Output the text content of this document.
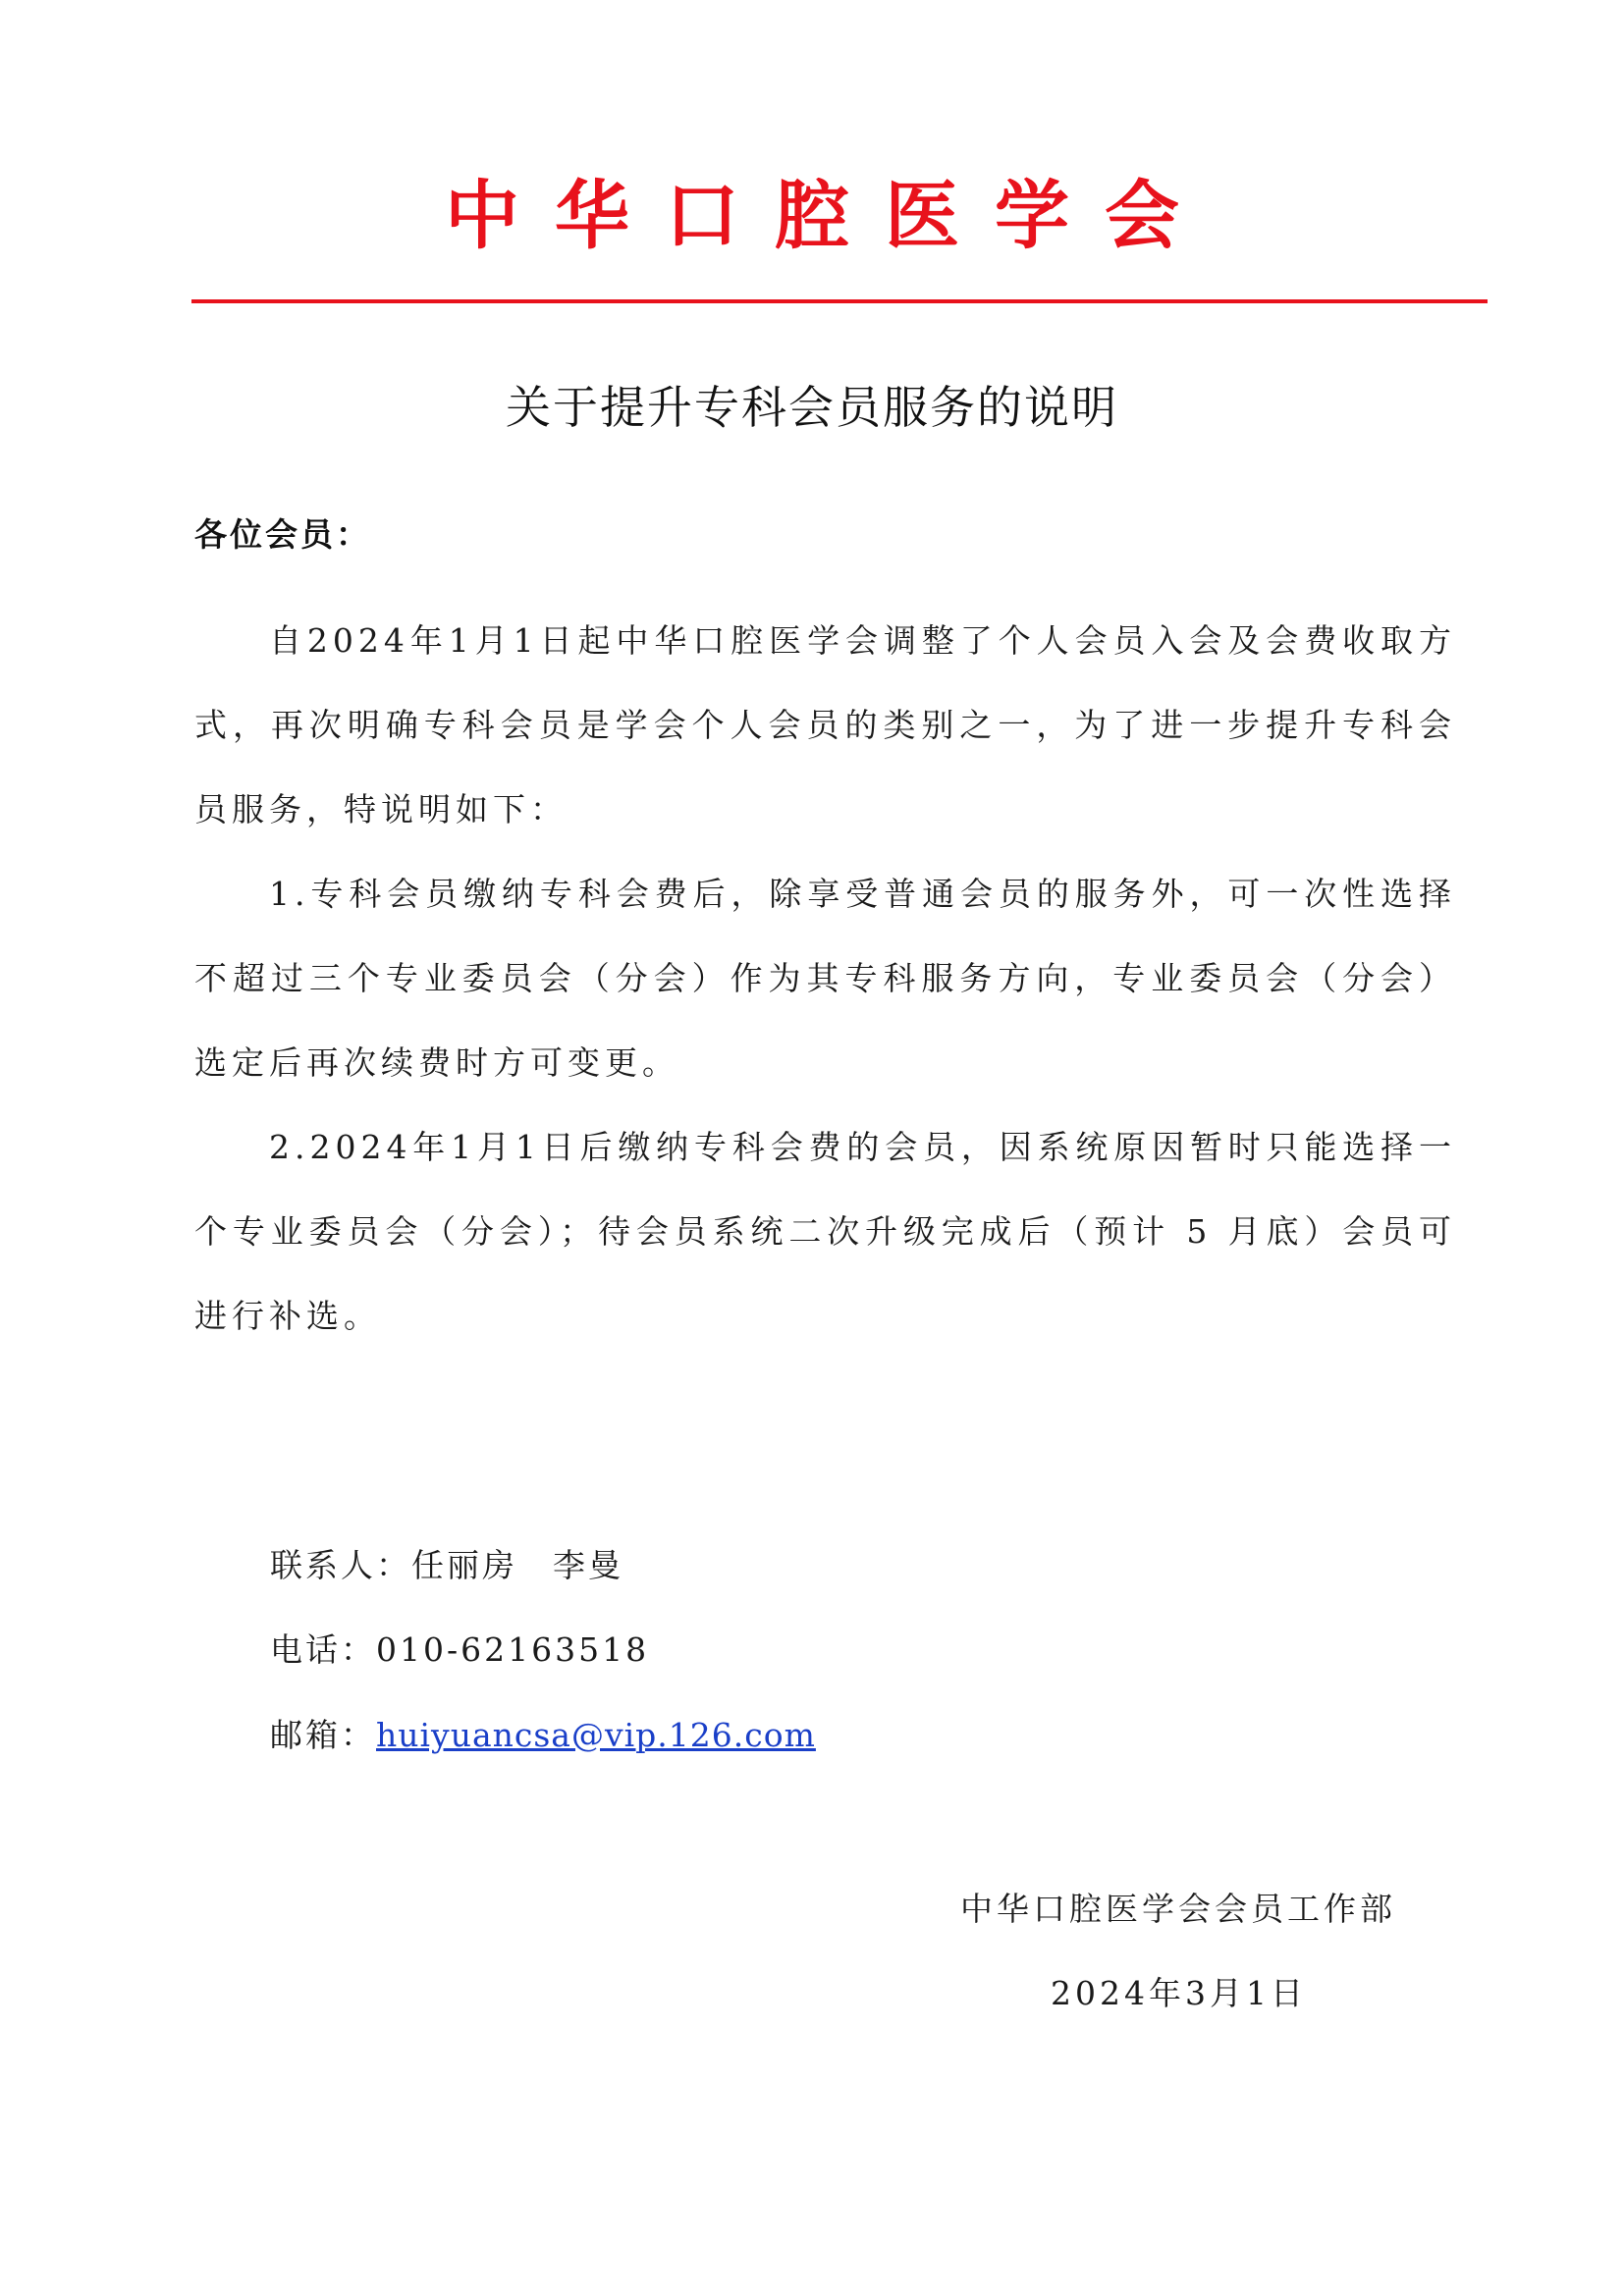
中华口腔医学会
关于提升专科会员服务的说明
各位会员：
自2024年1月1日起中华口腔医学会调整了个人会员入会及会费收取方式，再次明确专科会员是学会个人会员的类别之一，为了进一步提升专科会员服务，特说明如下：
1.专科会员缴纳专科会费后，除享受普通会员的服务外，可一次性选择不超过三个专业委员会（分会）作为其专科服务方向，专业委员会（分会）选定后再次续费时方可变更。
2.2024年1月1日后缴纳专科会费的会员，因系统原因暂时只能选择一个专业委员会（分会）；待会员系统二次升级完成后（预计 5 月底）会员可进行补选。
联系人：任丽房　李曼
电话：010-62163518
邮箱：huiyuancsa@vip.126.com
中华口腔医学会会员工作部
2024年3月1日
